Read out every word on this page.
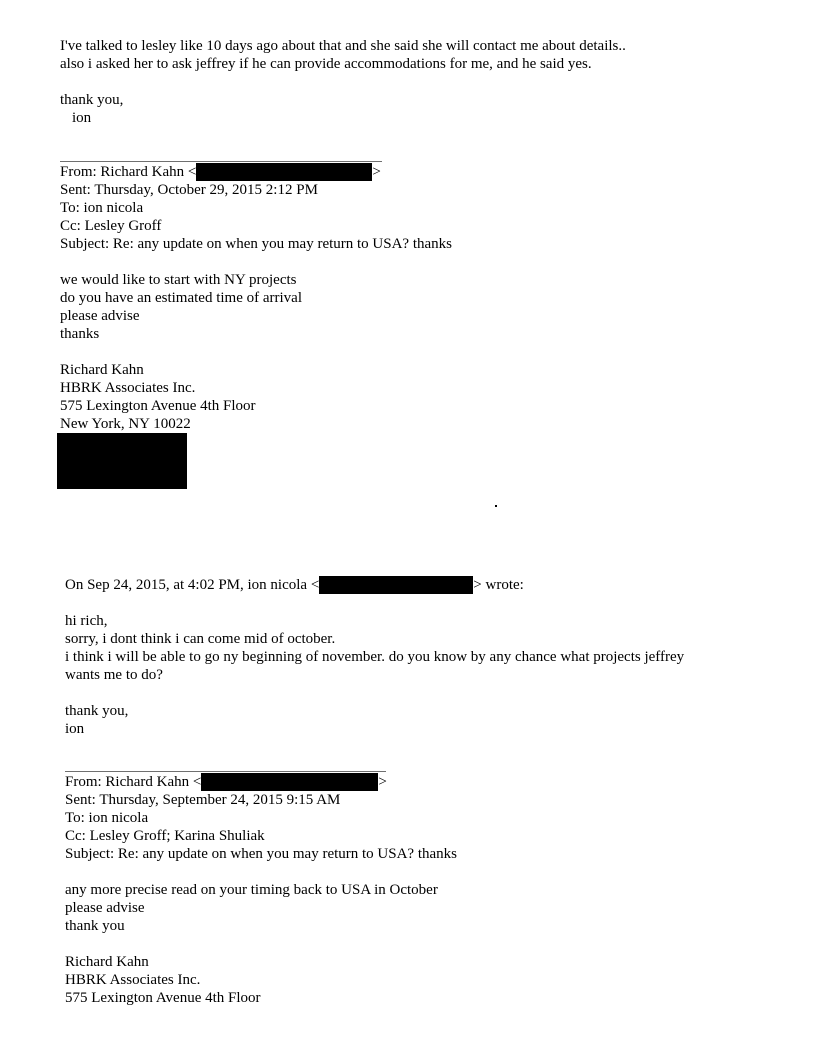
I've talked to lesley like 10 days ago about that and she said she will contact me about details..
also i asked her to ask jeffrey if he can provide accommodations for me, and he said yes.
thank you,
ion
From: Richard Kahn <	>
Sent: Thursday, October 29, 2015 2:12 PM
To: ion nicola
Cc: Lesley Groff
Subject: Re: any update on when you may return to USA? thanks
we would like to start with NY projects
do you have an estimated time of arrival
please advise
thanks
Richard Kahn
HBRK Associates Inc.
575 Lexington Avenue 4th Floor
New York, NY 10022
On Sep 24, 2015, at 4:02 PM, ion nicola <	> wrote:
hi rich,
sorry, i dont think i can come mid of october.
i think i will be able to go ny beginning of november. do you know by any chance what projects jeffrey
wants me to do?
thank you,
ion
From: Richard Kahn <	>
Sent: Thursday, September 24, 2015 9:15 AM
To: ion nicola
Cc: Lesley Groff; Karina Shuliak
Subject: Re: any update on when you may return to USA? thanks
any more precise read on your timing back to USA in October
please advise
thank you
Richard Kahn
HBRK Associates Inc.
575 Lexington Avenue 4th Floor
